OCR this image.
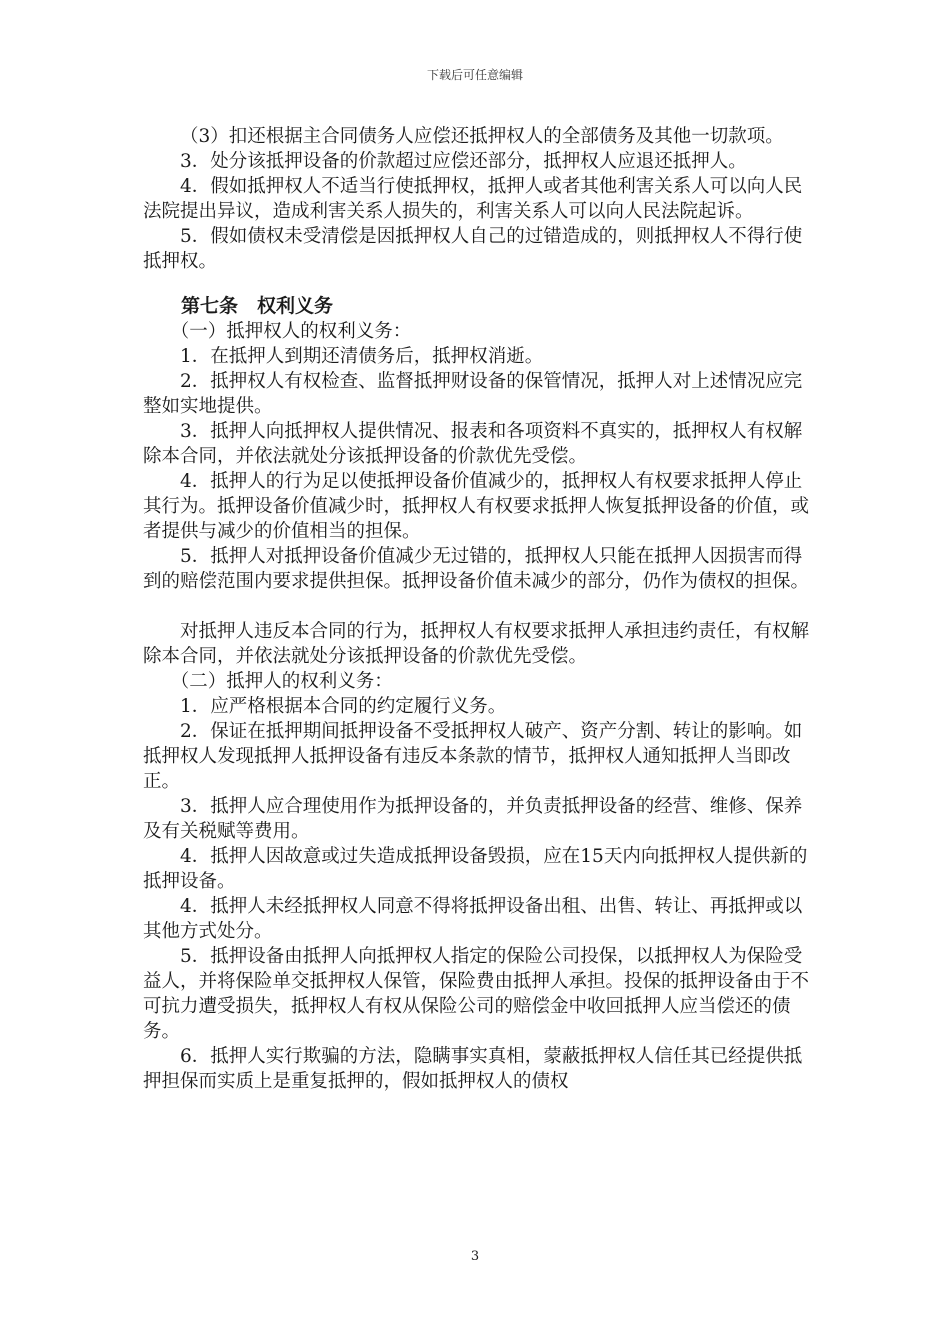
下载后可任意编辑

（3）扣还根据主合同债务人应偿还抵押权人的全部债务及其他一切款项。

3．处分该抵押设备的价款超过应偿还部分，抵押权人应退还抵押人。

4．假如抵押权人不适当行使抵押权，抵押人或者其他利害关系人可以向人民法院提出异议，造成利害关系人损失的，利害关系人可以向人民法院起诉。

5．假如债权未受清偿是因抵押权人自己的过错造成的，则抵押权人不得行使抵押权。

第七条　权利义务

（一）抵押权人的权利义务：

1．在抵押人到期还清债务后，抵押权消逝。

2．抵押权人有权检查、监督抵押财设备的保管情况，抵押人对上述情况应完整如实地提供。

3．抵押人向抵押权人提供情况、报表和各项资料不真实的，抵押权人有权解除本合同，并依法就处分该抵押设备的价款优先受偿。

4．抵押人的行为足以使抵押设备价值减少的，抵押权人有权要求抵押人停止其行为。抵押设备价值减少时，抵押权人有权要求抵押人恢复抵押设备的价值，或者提供与减少的价值相当的担保。

5．抵押人对抵押设备价值减少无过错的，抵押权人只能在抵押人因损害而得到的赔偿范围内要求提供担保。抵押设备价值未减少的部分，仍作为债权的担保。

对抵押人违反本合同的行为，抵押权人有权要求抵押人承担违约责任，有权解除本合同，并依法就处分该抵押设备的价款优先受偿。

（二）抵押人的权利义务：

1．应严格根据本合同的约定履行义务。

2．保证在抵押期间抵押设备不受抵押权人破产、资产分割、转让的影响。如抵押权人发现抵押人抵押设备有违反本条款的情节，抵押权人通知抵押人当即改正。

3．抵押人应合理使用作为抵押设备的，并负责抵押设备的经营、维修、保养及有关税赋等费用。

4．抵押人因故意或过失造成抵押设备毁损，应在15天内向抵押权人提供新的抵押设备。

4．抵押人未经抵押权人同意不得将抵押设备出租、出售、转让、再抵押或以其他方式处分。

5．抵押设备由抵押人向抵押权人指定的保险公司投保，以抵押权人为保险受益人，并将保险单交抵押权人保管，保险费由抵押人承担。投保的抵押设备由于不可抗力遭受损失，抵押权人有权从保险公司的赔偿金中收回抵押人应当偿还的债务。

6．抵押人实行欺骗的方法，隐瞒事实真相，蒙蔽抵押权人信任其已经提供抵押担保而实质上是重复抵押的，假如抵押权人的债权

3
